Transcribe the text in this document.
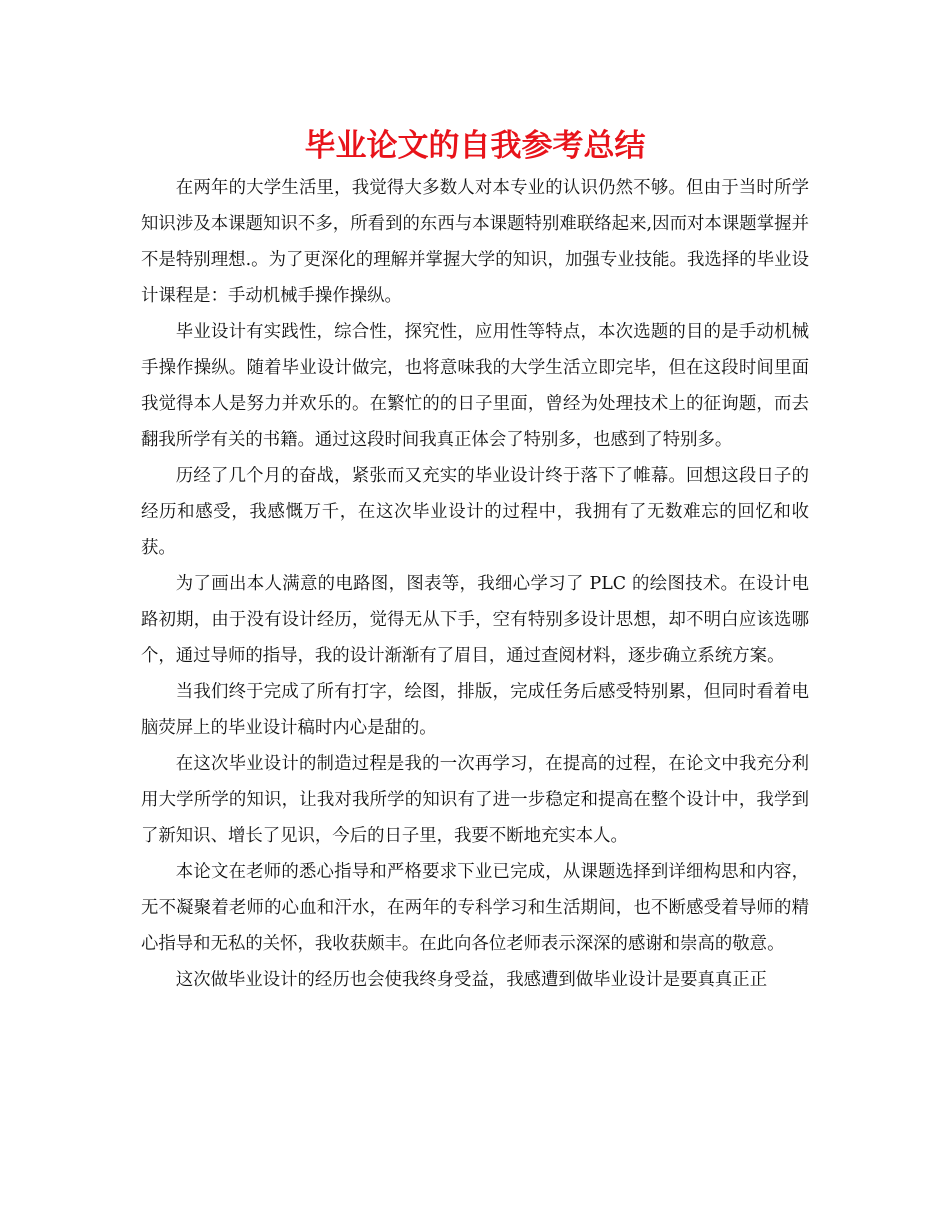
毕业论文的自我参考总结

在两年的大学生活里，我觉得大多数人对本专业的认识仍然不够。但由于当时所学知识涉及本课题知识不多，所看到的东西与本课题特别难联络起来,因而对本课题掌握并不是特别理想.。为了更深化的理解并掌握大学的知识，加强专业技能。我选择的毕业设计课程是：手动机械手操作操纵。

毕业设计有实践性，综合性，探究性，应用性等特点，本次选题的目的是手动机械手操作操纵。随着毕业设计做完，也将意味我的大学生活立即完毕，但在这段时间里面我觉得本人是努力并欢乐的。在繁忙的的日子里面，曾经为处理技术上的征询题，而去翻我所学有关的书籍。通过这段时间我真正体会了特别多，也感到了特别多。

历经了几个月的奋战，紧张而又充实的毕业设计终于落下了帷幕。回想这段日子的经历和感受，我感慨万千，在这次毕业设计的过程中，我拥有了无数难忘的回忆和收获。

为了画出本人满意的电路图，图表等，我细心学习了 PLC 的绘图技术。在设计电路初期，由于没有设计经历，觉得无从下手，空有特别多设计思想，却不明白应该选哪个，通过导师的指导，我的设计渐渐有了眉目，通过查阅材料，逐步确立系统方案。

当我们终于完成了所有打字，绘图，排版，完成任务后感受特别累，但同时看着电脑荧屏上的毕业设计稿时内心是甜的。

在这次毕业设计的制造过程是我的一次再学习，在提高的过程，在论文中我充分利用大学所学的知识，让我对我所学的知识有了进一步稳定和提高在整个设计中，我学到了新知识、增长了见识，今后的日子里，我要不断地充实本人。

本论文在老师的悉心指导和严格要求下业已完成，从课题选择到详细构思和内容，无不凝聚着老师的心血和汗水，在两年的专科学习和生活期间，也不断感受着导师的精心指导和无私的关怀，我收获颇丰。在此向各位老师表示深深的感谢和崇高的敬意。

这次做毕业设计的经历也会使我终身受益，我感遭到做毕业设计是要真真正正
